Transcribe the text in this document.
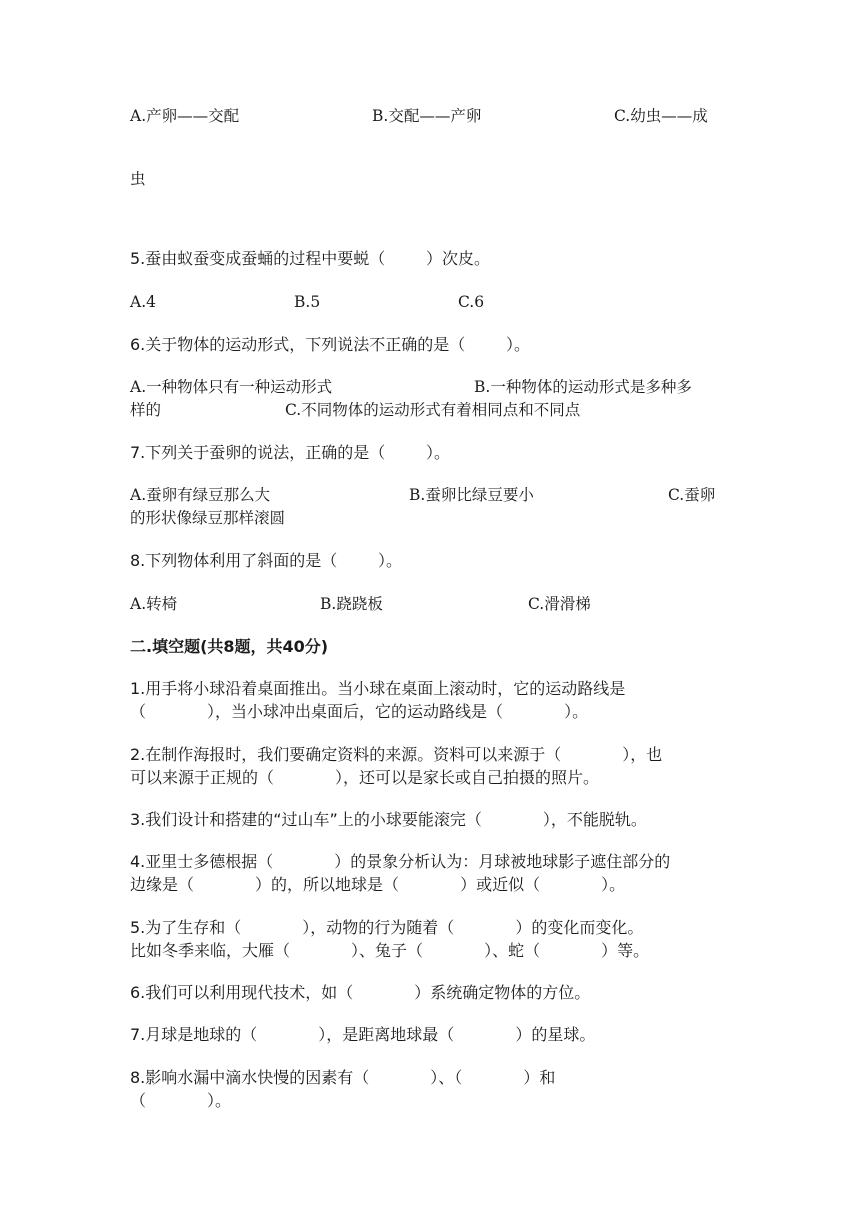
A.产卵——交配	B.交配——产卵	C.幼虫——成
虫
5.蚕由蚁蚕变成蚕蛹的过程中要蜕（        ）次皮。
A.4	B.5	C.6
6.关于物体的运动形式，下列说法不正确的是（        ）。
A.一种物体只有一种运动形式	B.一种物体的运动形式是多种多
样的	C.不同物体的运动形式有着相同点和不同点
7.下列关于蚕卵的说法，正确的是（        ）。
A.蚕卵有绿豆那么大	B.蚕卵比绿豆要小	C.蚕卵
的形状像绿豆那样滚圆
8.下列物体利用了斜面的是（        ）。
A.转椅	B.跷跷板	C.滑滑梯
二.填空题(共8题，共40分)
1.用手将小球沿着桌面推出。当小球在桌面上滚动时，它的运动路线是
（            ），当小球冲出桌面后，它的运动路线是（            ）。
2.在制作海报时，我们要确定资料的来源。资料可以来源于（            ），也
可以来源于正规的（            ），还可以是家长或自己拍摄的照片。
3.我们设计和搭建的“过山车”上的小球要能滚完（            ），不能脱轨。
4.亚里士多德根据（            ）的景象分析认为：月球被地球影子遮住部分的
边缘是（            ）的，所以地球是（            ）或近似（            ）。
5.为了生存和（            ），动物的行为随着（            ）的变化而变化。
比如冬季来临，大雁（            ）、兔子（            ）、蛇（            ）等。
6.我们可以利用现代技术，如（            ）系统确定物体的方位。
7.月球是地球的（            ），是距离地球最（            ）的星球。
8.影响水漏中滴水快慢的因素有（            ）、（            ）和
（            ）。
